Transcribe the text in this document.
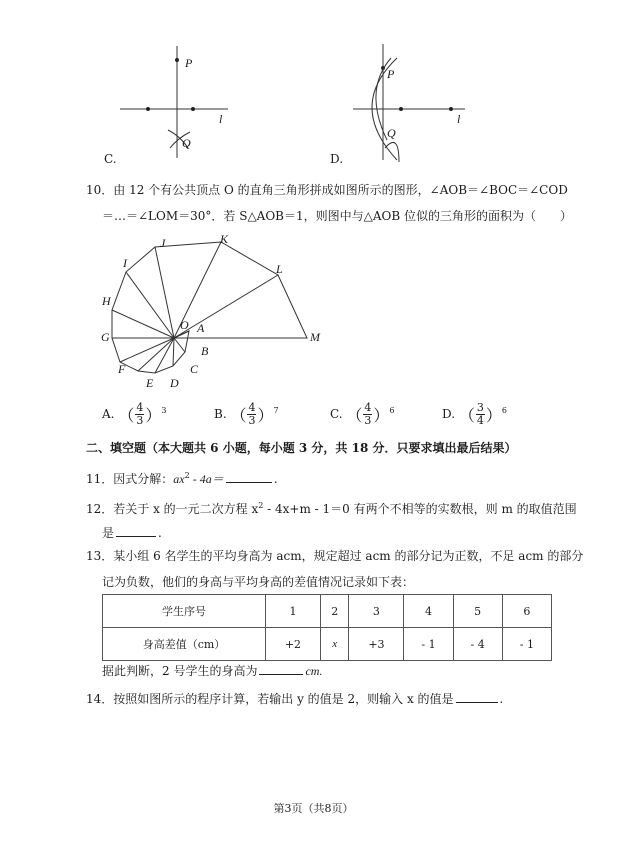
P
Q
l
C.
P
Q
l
D.
10．由 12 个有公共顶点 O 的直角三角形拼成如图所示的图形，∠AOB＝∠BOC＝∠COD
＝…＝∠LOM＝30°．若 S△AOB＝1，则图中与△AOB 位似的三角形的面积为（　　）
J	K
I	L
H
O A
M
G
B
F	C
E D
A. （ $\frac{4}{3} )^3$	B. （ $\frac{4}{3} )^7$	C. （ $\frac{4}{3} )^6$	D. （ $\frac{3}{4} )^6$
二、填空题（本大题共 6 小题，每小题 3 分，共 18 分．只要求填出最后结果）
11．因式分解：$ax^2 - 4a=$	.
12．若关于 x 的一元二次方程 $x^2 - 4x+m - 1=0$ 有两个不相等的实数根，则 m 的取值范围
是	.
13．某小组 6 名学生的平均身高为 acm，规定超过 acm 的部分记为正数，不足 acm 的部分
记为负数，他们的身高与平均身高的差值情况记录如下表：
学生序号	1	2	3	4	5	6
身高差值（cm）	+2	x	+3	- 1	- 4	- 1
据此判断，2 号学生的身高为	cm.
14．按照如图所示的程序计算，若输出 y 的值是 2，则输入 x 的值是	.
第3页（共8页）
